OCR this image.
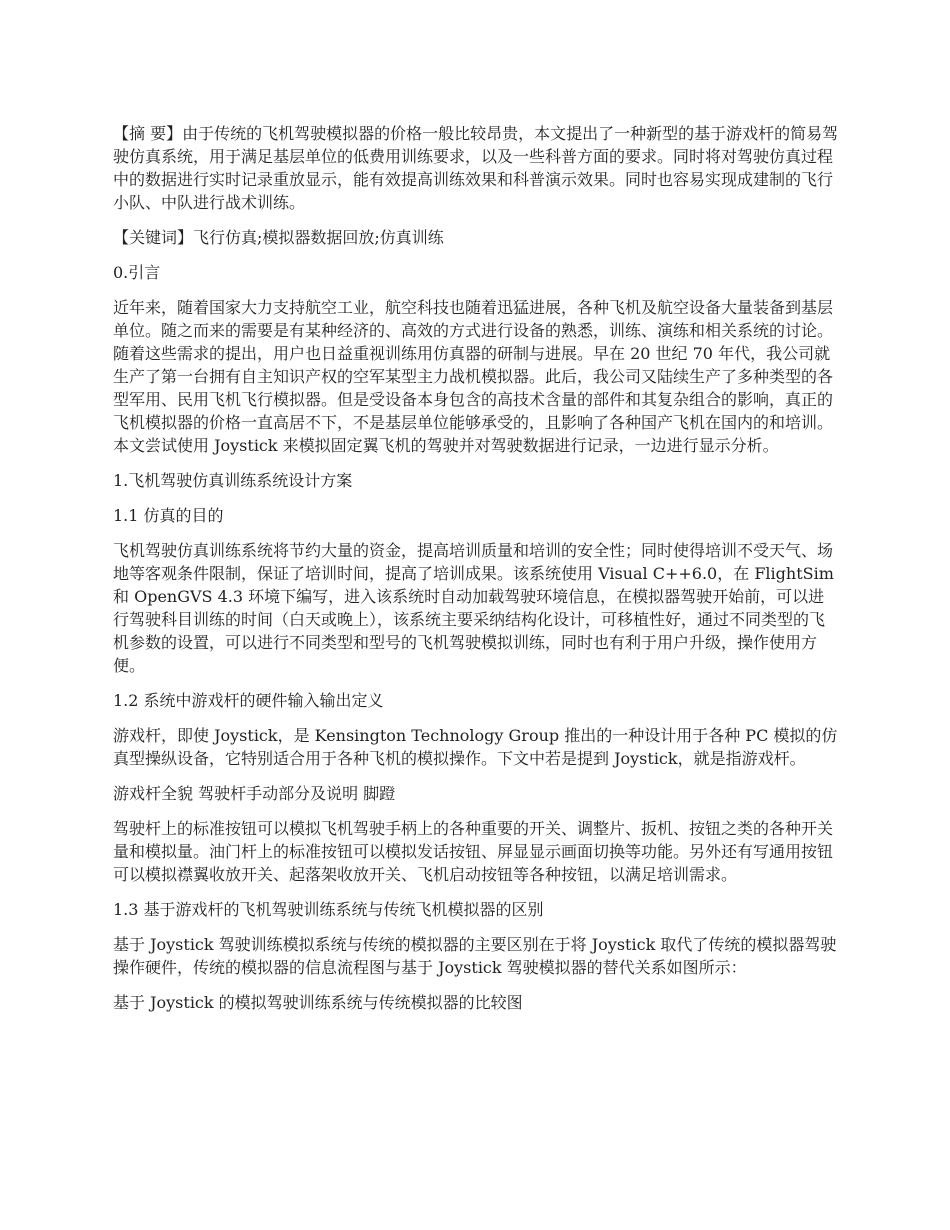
【摘 要】由于传统的飞机驾驶模拟器的价格一般比较昂贵，本文提出了一种新型的基于游戏杆的简易驾驶仿真系统，用于满足基层单位的低费用训练要求，以及一些科普方面的要求。同时将对驾驶仿真过程中的数据进行实时记录重放显示，能有效提高训练效果和科普演示效果。同时也容易实现成建制的飞行小队、中队进行战术训练。

【关键词】飞行仿真;模拟器数据回放;仿真训练

0.引言

近年来，随着国家大力支持航空工业，航空科技也随着迅猛进展，各种飞机及航空设备大量装备到基层单位。随之而来的需要是有某种经济的、高效的方式进行设备的熟悉，训练、演练和相关系统的讨论。随着这些需求的提出，用户也日益重视训练用仿真器的研制与进展。早在 20 世纪 70 年代，我公司就生产了第一台拥有自主知识产权的空军某型主力战机模拟器。此后，我公司又陆续生产了多种类型的各型军用、民用飞机飞行模拟器。但是受设备本身包含的高技术含量的部件和其复杂组合的影响，真正的飞机模拟器的价格一直高居不下，不是基层单位能够承受的，且影响了各种国产飞机在国内的和培训。本文尝试使用 Joystick 来模拟固定翼飞机的驾驶并对驾驶数据进行记录，一边进行显示分析。

1.飞机驾驶仿真训练系统设计方案

1.1 仿真的目的

飞机驾驶仿真训练系统将节约大量的资金，提高培训质量和培训的安全性；同时使得培训不受天气、场地等客观条件限制，保证了培训时间，提高了培训成果。该系统使用 Visual C++6.0，在 FlightSim 和 OpenGVS 4.3 环境下编写，进入该系统时自动加载驾驶环境信息，在模拟器驾驶开始前，可以进行驾驶科目训练的时间（白天或晚上），该系统主要采纳结构化设计，可移植性好，通过不同类型的飞机参数的设置，可以进行不同类型和型号的飞机驾驶模拟训练，同时也有利于用户升级，操作使用方便。

1.2 系统中游戏杆的硬件输入输出定义

游戏杆，即使 Joystick，是 Kensington Technology Group 推出的一种设计用于各种 PC 模拟的仿真型操纵设备，它特别适合用于各种飞机的模拟操作。下文中若是提到 Joystick，就是指游戏杆。

游戏杆全貌 驾驶杆手动部分及说明 脚蹬

驾驶杆上的标准按钮可以模拟飞机驾驶手柄上的各种重要的开关、调整片、扳机、按钮之类的各种开关量和模拟量。油门杆上的标准按钮可以模拟发话按钮、屏显显示画面切换等功能。另外还有写通用按钮可以模拟襟翼收放开关、起落架收放开关、飞机启动按钮等各种按钮，以满足培训需求。

1.3 基于游戏杆的飞机驾驶训练系统与传统飞机模拟器的区别

基于 Joystick 驾驶训练模拟系统与传统的模拟器的主要区别在于将 Joystick 取代了传统的模拟器驾驶操作硬件，传统的模拟器的信息流程图与基于 Joystick 驾驶模拟器的替代关系如图所示：

基于 Joystick 的模拟驾驶训练系统与传统模拟器的比较图
